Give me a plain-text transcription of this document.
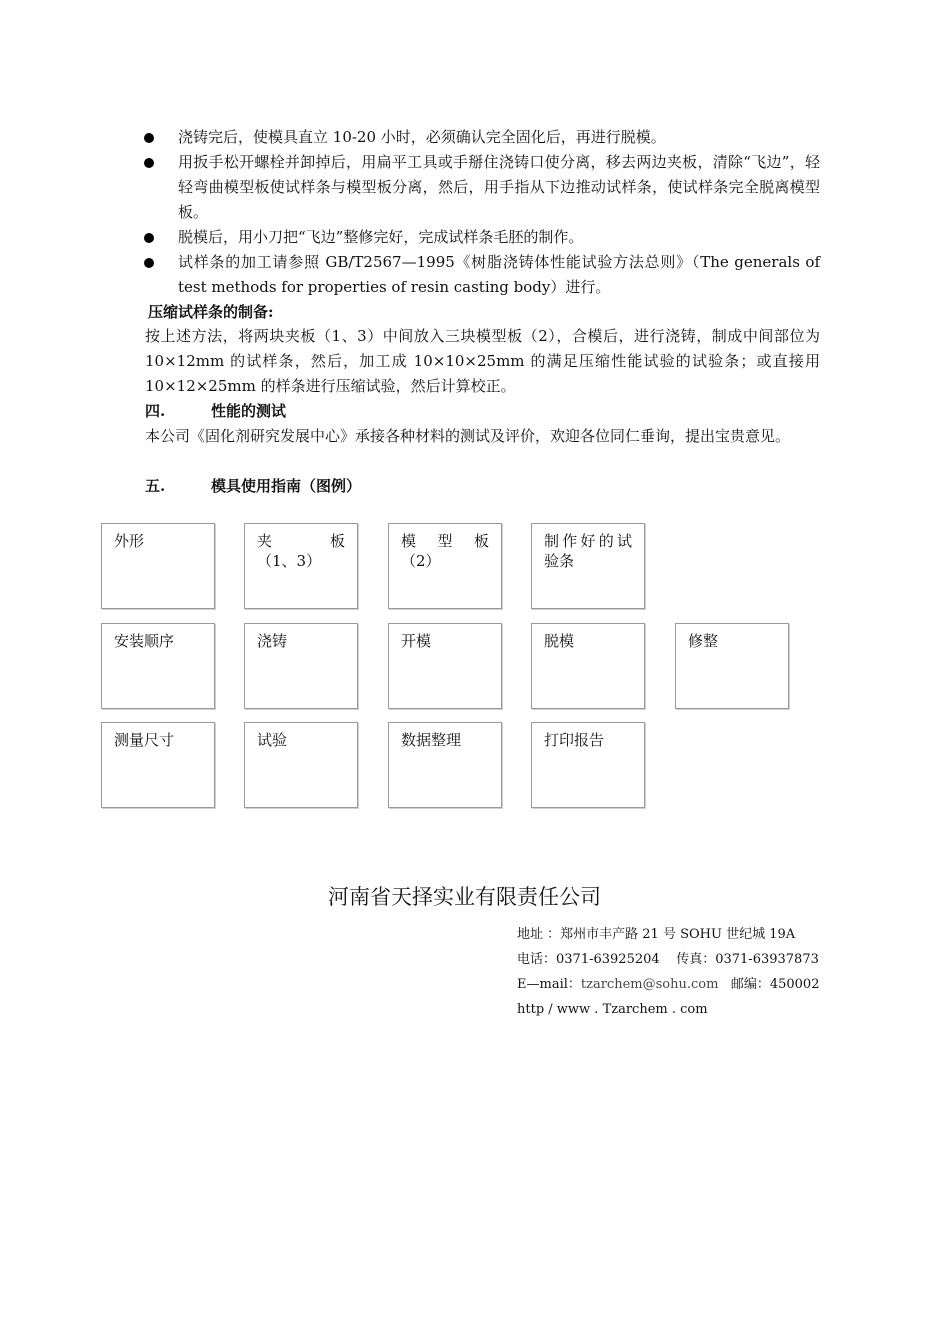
浇铸完后，使模具直立 10-20 小时，必须确认完全固化后，再进行脱模。
用扳手松开螺栓并卸掉后，用扁平工具或手掰住浇铸口使分离，移去两边夹板，清除“飞边”，轻轻弯曲模型板使试样条与模型板分离，然后，用手指从下边推动试样条，使试样条完全脱离模型板。
脱模后，用小刀把“飞边”整修完好，完成试样条毛胚的制作。
试样条的加工请参照 GB/T2567—1995《树脂浇铸体性能试验方法总则》（The generals of test methods for properties of resin casting body）进行。
压缩试样条的制备:
按上述方法，将两块夹板（1、3）中间放入三块模型板（2），合模后，进行浇铸，制成中间部位为 10×12mm 的试样条，然后，加工成 10×10×25mm 的满足压缩性能试验的试验条；或直接用 10×12×25mm 的样条进行压缩试验，然后计算校正。
四.	性能的测试
本公司《固化剂研究发展中心》承接各种材料的测试及评价，欢迎各位同仁垂询，提出宝贵意见。
五.	模具使用指南（图例）
外形	夹板
（1、3）
模型板
（2）
制作好的试验条
安装顺序	浇铸	开模	脱模	修整
测量尺寸	试验	数据整理	打印报告
河南省天择实业有限责任公司
地址 ：郑州市丰产路 21 号 SOHU 世纪城 19A
电话：0371-63925204 传真：0371-63937873
E—mail：tzarchem@sohu.com 邮编：450002
http / www . Tzarchem . com
